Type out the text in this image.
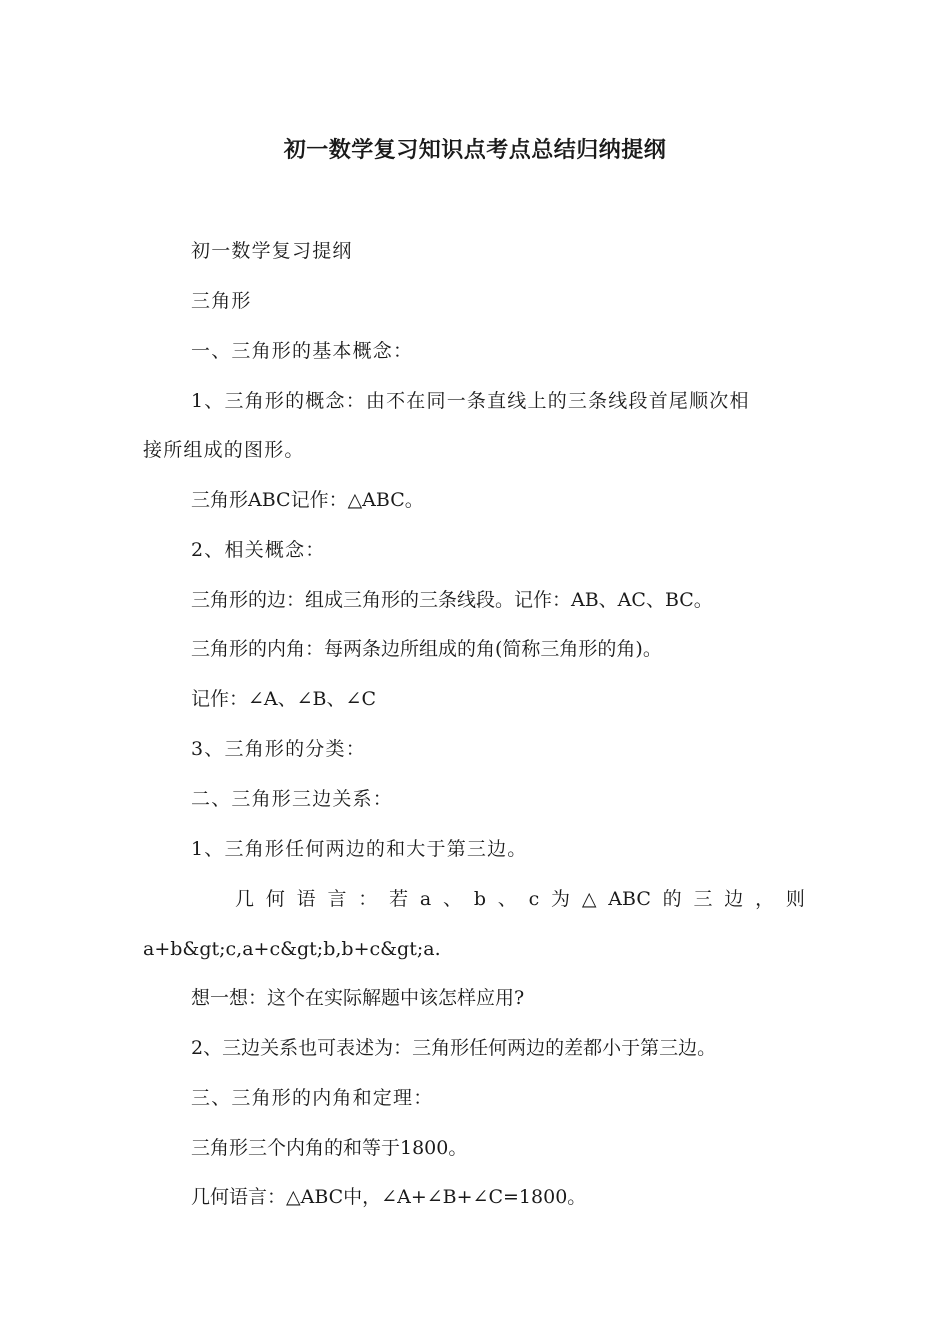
初一数学复习知识点考点总结归纳提纲
初一数学复习提纲
三角形
一、三角形的基本概念：
1、三角形的概念：由不在同一条直线上的三条线段首尾顺次相
接所组成的图形。
三角形ABC记作：△ABC。
2、相关概念：
三角形的边：组成三角形的三条线段。记作：AB、AC、BC。
三角形的内角：每两条边所组成的角(简称三角形的角)。
记作：∠A、∠B、∠C
3、三角形的分类：
二、三角形三边关系：
1、三角形任何两边的和大于第三边。
几 何 语 言 ： 若 a 、 b 、 c 为 △ ABC 的 三 边 ， 则
a+b&gt;c,a+c&gt;b,b+c&gt;a.
想一想：这个在实际解题中该怎样应用?
2、三边关系也可表述为：三角形任何两边的差都小于第三边。
三、三角形的内角和定理：
三角形三个内角的和等于1800。
几何语言：△ABC中，∠A+∠B+∠C=1800。
